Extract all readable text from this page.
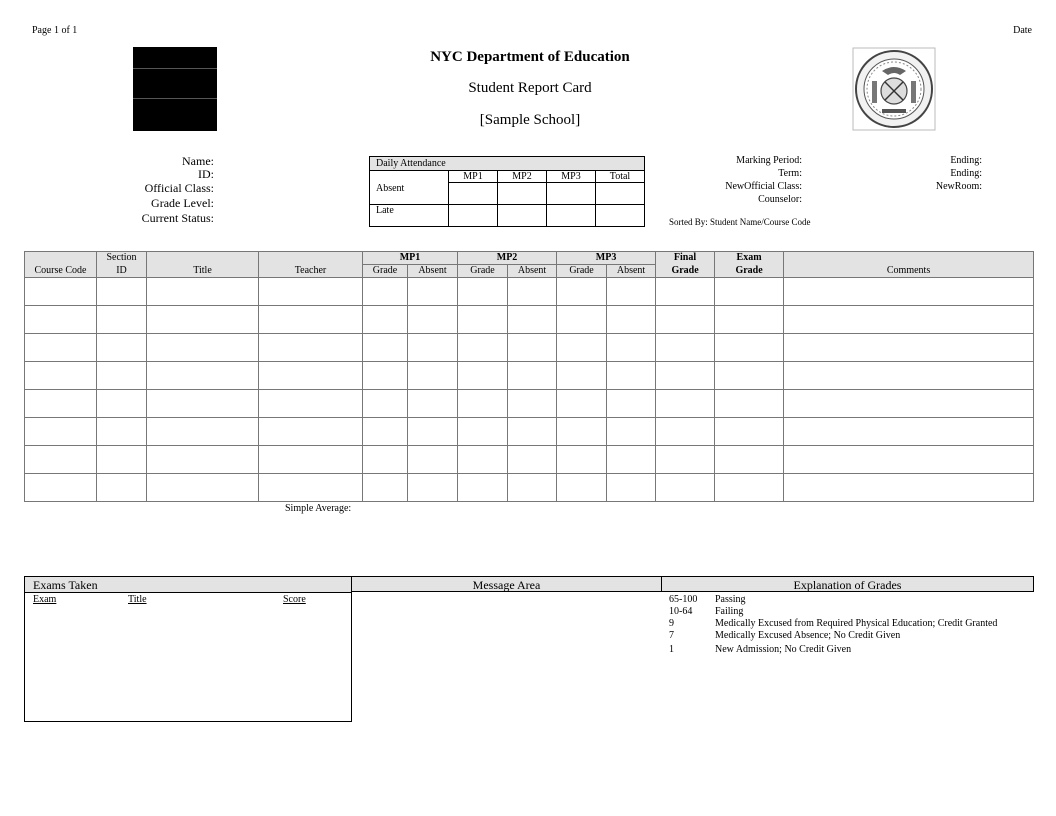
Page 1 of 1	Date
NYC Department of Education
Student Report Card
[Sample School]
Name:
ID:
Official Class:
Grade Level:
Current Status:
Daily Attendance				
	MP1	MP2	MP3	Total
Absent				
Late				
Marking Period:
Term:
NewOfficial Class:
Counselor:
Ending:
Ending:
NewRoom:
Sorted By: Student Name/Course Code
	Section			MP1		MP2		MP3		Final	Exam	
Course Code	ID	Title	Teacher	Grade	Absent	Grade	Absent	Grade	Absent	Grade	Grade	Comments

Simple Average:
Exams Taken
Exam	Title	Score
Message Area	Explanation of Grades
65-100 Passing
10-64 Failing
9	Medically Excused from Required Physical Education; Credit Granted
7	Medically Excused Absence; No Credit Given
1	New Admission; No Credit Given
